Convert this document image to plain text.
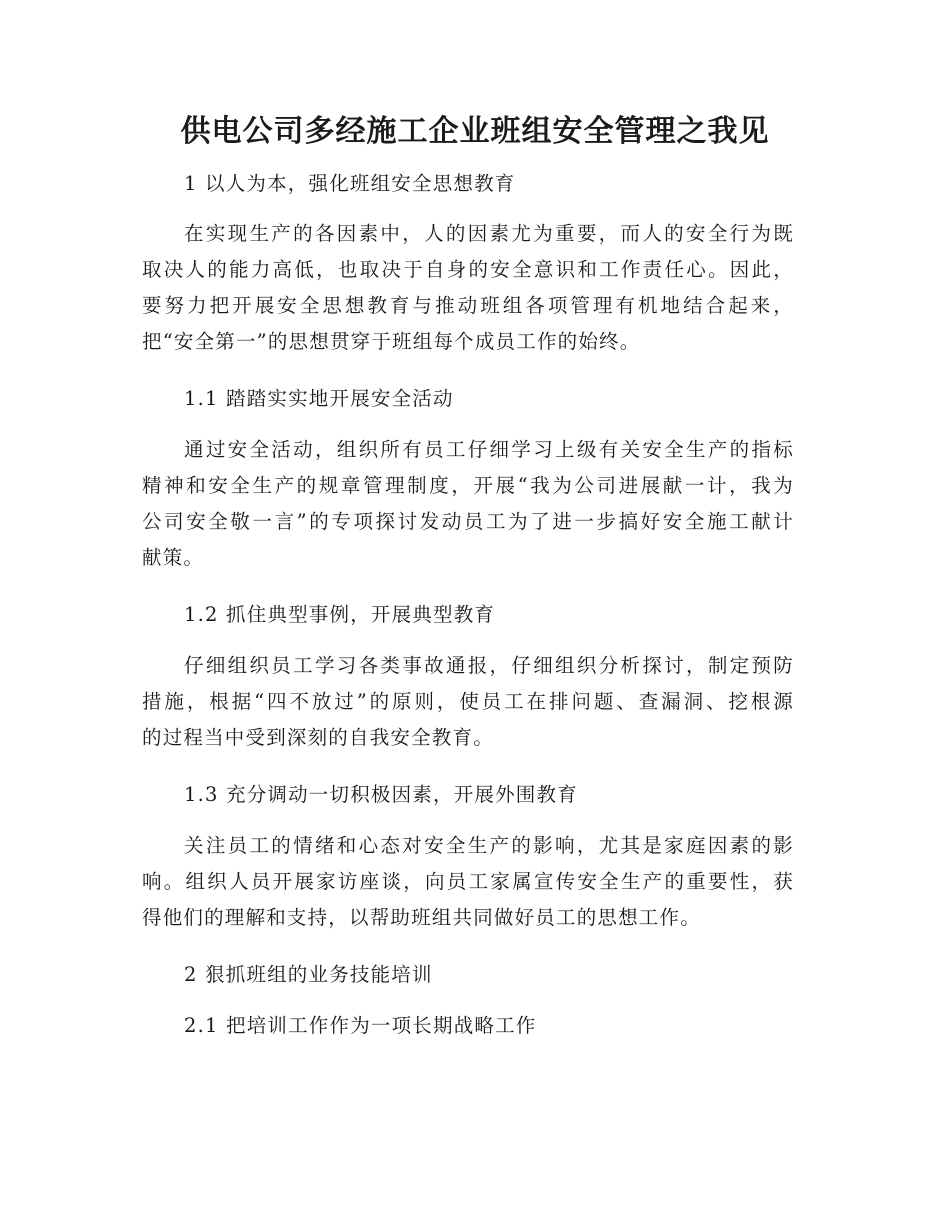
供电公司多经施工企业班组安全管理之我见

1 以人为本，强化班组安全思想教育

在实现生产的各因素中，人的因素尤为重要，而人的安全行为既
取决人的能力高低，也取决于自身的安全意识和工作责任心。因此，
要努力把开展安全思想教育与推动班组各项管理有机地结合起来，
把“安全第一”的思想贯穿于班组每个成员工作的始终。

1.1 踏踏实实地开展安全活动

通过安全活动，组织所有员工仔细学习上级有关安全生产的指标
精神和安全生产的规章管理制度，开展“我为公司进展献一计，我为
公司安全敬一言”的专项探讨发动员工为了进一步搞好安全施工献计
献策。

1.2 抓住典型事例，开展典型教育

仔细组织员工学习各类事故通报，仔细组织分析探讨，制定预防
措施，根据“四不放过”的原则，使员工在排问题、查漏洞、挖根源
的过程当中受到深刻的自我安全教育。

1.3 充分调动一切积极因素，开展外围教育

关注员工的情绪和心态对安全生产的影响，尤其是家庭因素的影
响。组织人员开展家访座谈，向员工家属宣传安全生产的重要性，获
得他们的理解和支持，以帮助班组共同做好员工的思想工作。

2 狠抓班组的业务技能培训

2.1 把培训工作作为一项长期战略工作
